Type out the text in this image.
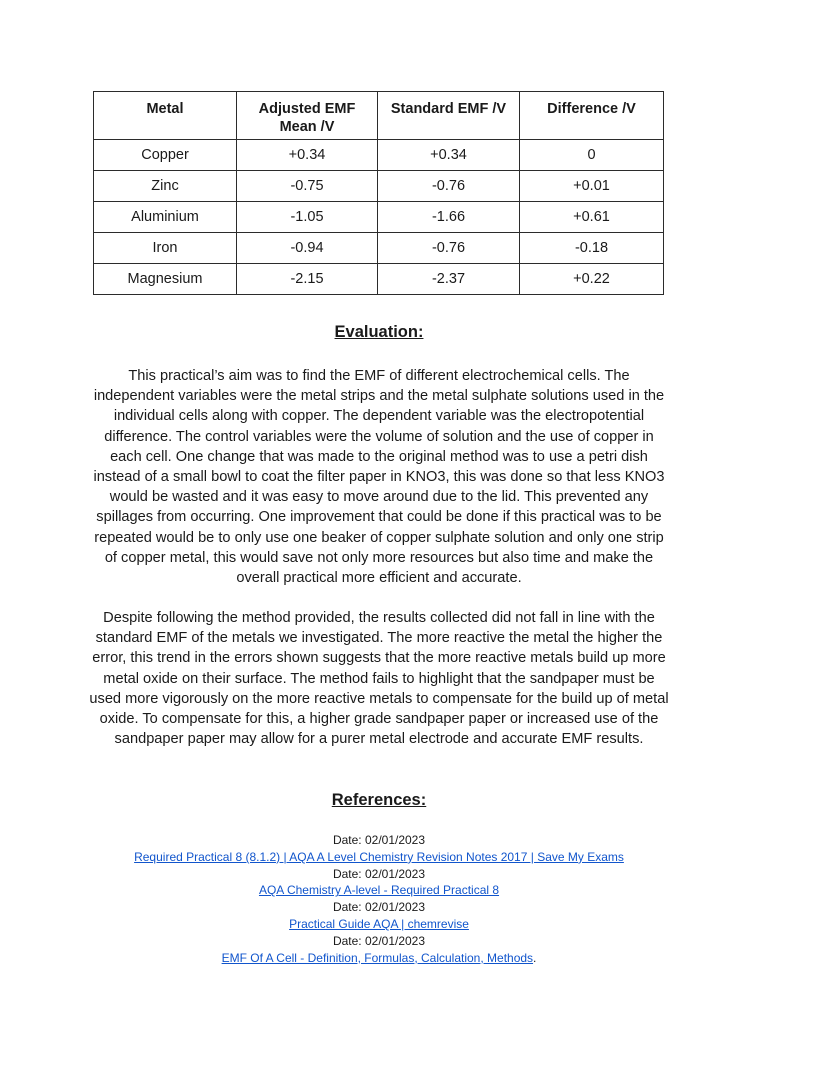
Metal	Adjusted EMF Mean /V	Standard EMF /V	Difference /V
Copper	+0.34	+0.34	0
Zinc	-0.75	-0.76	+0.01
Aluminium	-1.05	-1.66	+0.61
Iron	-0.94	-0.76	-0.18
Magnesium	-2.15	-2.37	+0.22
Evaluation:

This practical’s aim was to find the EMF of different electrochemical cells. The independent variables were the metal strips and the metal sulphate solutions used in the individual cells along with copper. The dependent variable was the electropotential difference. The control variables were the volume of solution and the use of copper in each cell. One change that was made to the original method was to use a petri dish instead of a small bowl to coat the filter paper in KNO3, this was done so that less KNO3 would be wasted and it was easy to move around due to the lid. This prevented any spillages from occurring. One improvement that could be done if this practical was to be repeated would be to only use one beaker of copper sulphate solution and only one strip of copper metal, this would save not only more resources but also time and make the overall practical more efficient and accurate.

Despite following the method provided, the results collected did not fall in line with the standard EMF of the metals we investigated. The more reactive the metal the higher the error, this trend in the errors shown suggests that the more reactive metals build up more metal oxide on their surface. The method fails to highlight that the sandpaper must be used more vigorously on the more reactive metals to compensate for the build up of metal oxide. To compensate for this, a higher grade sandpaper paper or increased use of the sandpaper paper may allow for a purer metal electrode and accurate EMF results.

References:
Date: 02/01/2023
Required Practical 8 (8.1.2) | AQA A Level Chemistry Revision Notes 2017 | Save My Exams
Date: 02/01/2023
AQA Chemistry A-level - Required Practical 8
Date: 02/01/2023
Practical Guide AQA | chemrevise
Date: 02/01/2023
EMF Of A Cell - Definition, Formulas, Calculation, Methods.
